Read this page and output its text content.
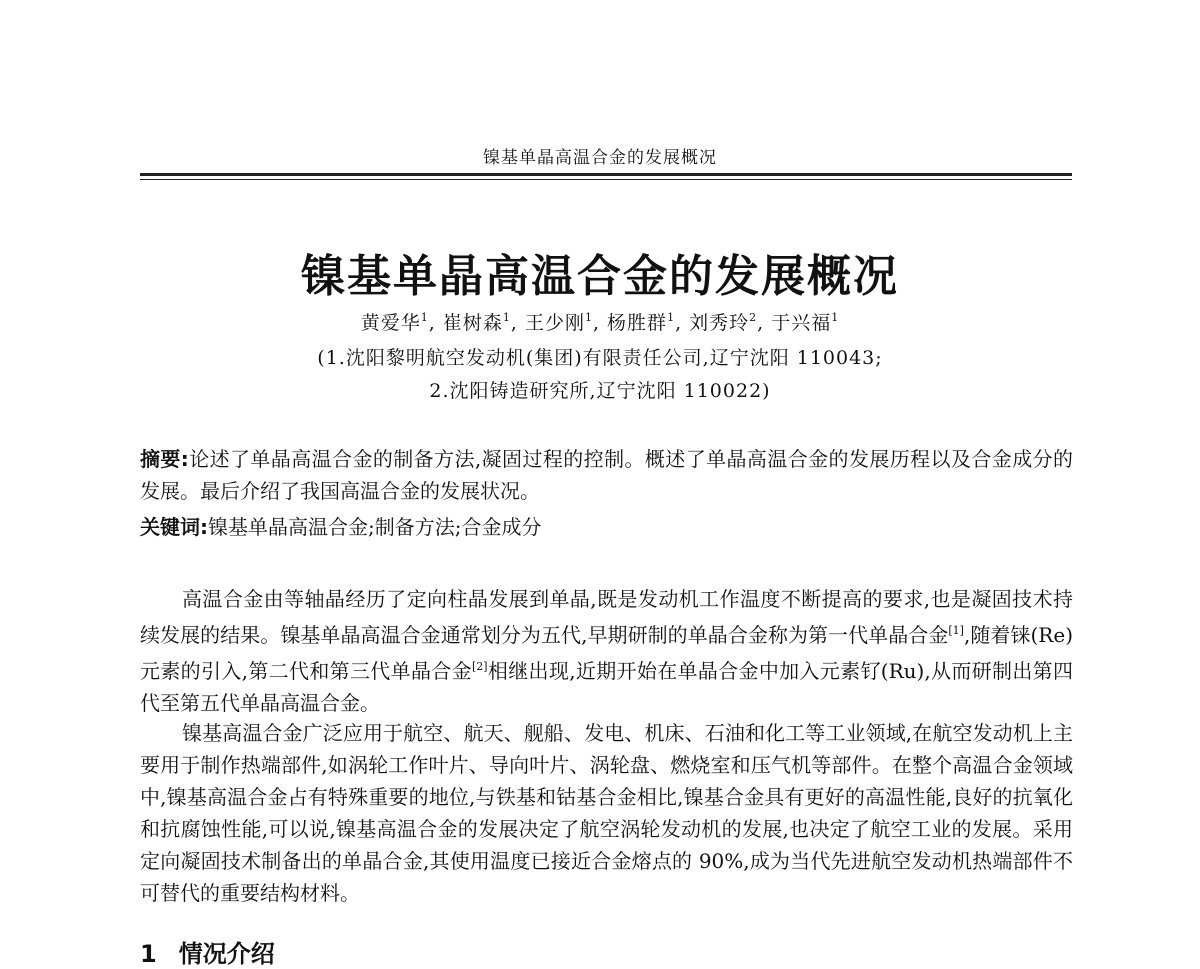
镍基单晶高温合金的发展概况
镍基单晶高温合金的发展概况
黄爱华$^1$, 崔树森$^1$, 王少刚$^1$, 杨胜群$^1$, 刘秀玲$^2$, 于兴福$^1$
(1.沈阳黎明航空发动机(集团)有限责任公司,辽宁沈阳 110043;
2.沈阳铸造研究所,辽宁沈阳 110022)
摘要:论述了单晶高温合金的制备方法,凝固过程的控制。概述了单晶高温合金的发展历程以及合金成分的发展。最后介绍了我国高温合金的发展状况。
关键词:镍基单晶高温合金;制备方法;合金成分
高温合金由等轴晶经历了定向柱晶发展到单晶,既是发动机工作温度不断提高的要求,也是凝固技术持续发展的结果。镍基单晶高温合金通常划分为五代,早期研制的单晶合金称为第一代单晶合金[1],随着铼(Re)元素的引入,第二代和第三代单晶合金[2]相继出现,近期开始在单晶合金中加入元素钌(Ru),从而研制出第四代至第五代单晶高温合金。
镍基高温合金广泛应用于航空、航天、舰船、发电、机床、石油和化工等工业领域,在航空发动机上主要用于制作热端部件,如涡轮工作叶片、导向叶片、涡轮盘、燃烧室和压气机等部件。在整个高温合金领域中,镍基高温合金占有特殊重要的地位,与铁基和钴基合金相比,镍基合金具有更好的高温性能,良好的抗氧化和抗腐蚀性能,可以说,镍基高温合金的发展决定了航空涡轮发动机的发展,也决定了航空工业的发展。采用定向凝固技术制备出的单晶合金,其使用温度已接近合金熔点的 90%,成为当代先进航空发动机热端部件不可替代的重要结构材料。
1 情况介绍
